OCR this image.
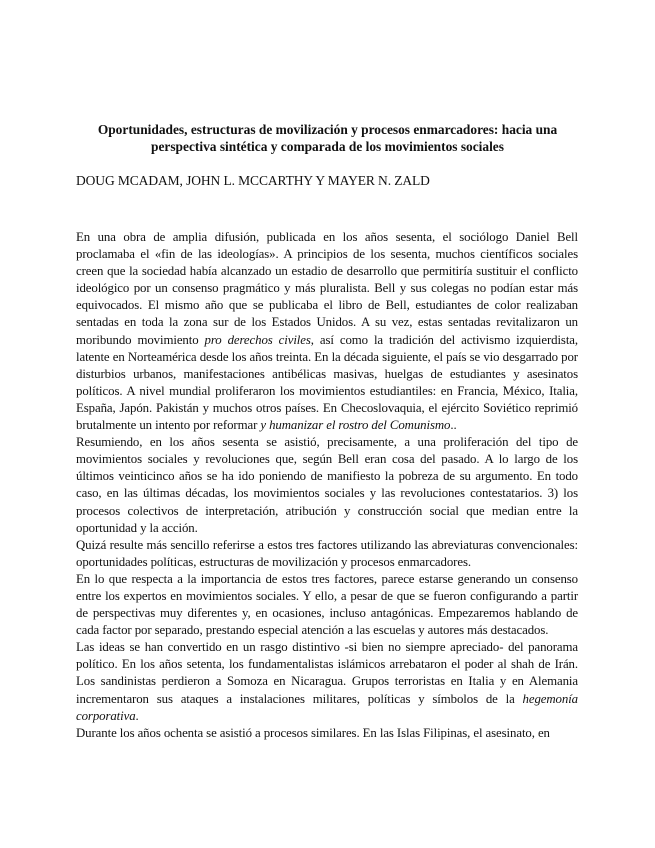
Oportunidades, estructuras de movilización y procesos enmarcadores: hacia una
perspectiva sintética y comparada de los movimientos sociales
DOUG MCADAM, JOHN L. MCCARTHY Y MAYER N. ZALD

En una obra de amplia difusión, publicada en los años sesenta, el sociólogo Daniel Bell proclamaba el «fin de las ideologías». A principios de los sesenta, muchos científicos sociales creen que la sociedad había alcanzado un estadio de desarrollo que permitiría sustituir el conflicto ideológico por un consenso pragmático y más pluralista. Bell y sus colegas no podían estar más equivocados. El mismo año que se publicaba el libro de Bell, estudiantes de color realizaban sentadas en toda la zona sur de los Estados Unidos. A su vez, estas sentadas revitalizaron un moribundo movimiento pro derechos civiles, así como la tradición del activismo izquierdista, latente en Norteamérica desde los años treinta. En la década siguiente, el país se vio desgarrado por disturbios urbanos, manifestaciones antibélicas masivas, huelgas de estudiantes y asesinatos políticos. A nivel mundial proliferaron los movimientos estudiantiles: en Francia, México, Italia, España, Japón. Pakistán y muchos otros países. En Checoslovaquia, el ejército Soviético reprimió brutalmente un intento por reformar y humanizar el rostro del Comunismo..

Resumiendo, en los años sesenta se asistió, precisamente, a una proliferación del tipo de movimientos sociales y revoluciones que, según Bell eran cosa del pasado. A lo largo de los últimos veinticinco años se ha ido poniendo de manifiesto la pobreza de su argumento. En todo caso, en las últimas décadas, los movimientos sociales y las revoluciones contestatarios. 3) los procesos colectivos de interpretación, atribución y construcción social que median entre la oportunidad y la acción.

Quizá resulte más sencillo referirse a estos tres factores utilizando las abreviaturas convencionales: oportunidades políticas, estructuras de movilización y procesos enmarcadores.

En lo que respecta a la importancia de estos tres factores, parece estarse generando un consenso entre los expertos en movimientos sociales. Y ello, a pesar de que se fueron configurando a partir de perspectivas muy diferentes y, en ocasiones, incluso antagónicas. Empezaremos hablando de cada factor por separado, prestando especial atención a las escuelas y autores más destacados.

Las ideas se han convertido en un rasgo distintivo -si bien no siempre apreciado- del panorama político. En los años setenta, los fundamentalistas islámicos arrebataron el poder al shah de Irán. Los sandinistas perdieron a Somoza en Nicaragua. Grupos terroristas en Italia y en Alemania incrementaron sus ataques a instalaciones militares, políticas y símbolos de la hegemonía corporativa.

Durante los años ochenta se asistió a procesos similares. En las Islas Filipinas, el asesinato, en
